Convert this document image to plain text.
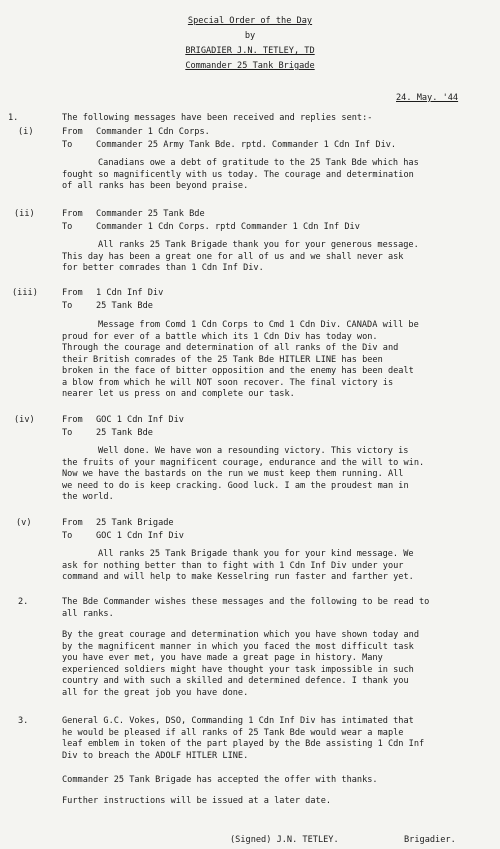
Special Order of the Day
by
BRIGADIER J.N. TETLEY, TD
Commander 25 Tank Brigade
24. May. '44
1.	The following messages have been received and replies sent:-
(i)	From Commander 1 Cdn Corps.
To	Commander 25 Army Tank Bde. rptd. Commander 1 Cdn Inf Div.
Canadians owe a debt of gratitude to the 25 Tank Bde which has
fought so magnificently with us today. The courage and determination
of all ranks has been beyond praise.
(ii)	From Commander 25 Tank Bde
To	Commander 1 Cdn Corps. rptd Commander 1 Cdn Inf Div
All ranks 25 Tank Brigade thank you for your generous message.
This day has been a great one for all of us and we shall never ask
for better comrades than 1 Cdn Inf Div.
(iii)	From 1 Cdn Inf Div
To	25 Tank Bde
Message from Comd 1 Cdn Corps to Cmd 1 Cdn Div. CANADA will be
proud for ever of a battle which its 1 Cdn Div has today won.
Through the courage and determination of all ranks of the Div and
their British comrades of the 25 Tank Bde HITLER LINE has been
broken in the face of bitter opposition and the enemy has been dealt
a blow from which he will NOT soon recover. The final victory is
nearer let us press on and complete our task.
(iv)	From GOC 1 Cdn Inf Div
To	25 Tank Bde
Well done. We have won a resounding victory. This victory is
the fruits of your magnificent courage, endurance and the will to win.
Now we have the bastards on the run we must keep them running. All
we need to do is keep cracking. Good luck. I am the proudest man in
the world.
(v)	From 25 Tank Brigade
To	GOC 1 Cdn Inf Div
All ranks 25 Tank Brigade thank you for your kind message. We
ask for nothing better than to fight with 1 Cdn Inf Div under your
command and will help to make Kesselring run faster and farther yet.
2.	The Bde Commander wishes these messages and the following to be read to
all ranks.
By the great courage and determination which you have shown today and
by the magnificent manner in which you faced the most difficult task
you have ever met, you have made a great page in history. Many
experienced soldiers might have thought your task impossible in such
country and with such a skilled and determined defence. I thank you
all for the great job you have done.
3.	General G.C. Vokes, DSO, Commanding 1 Cdn Inf Div has intimated that
he would be pleased if all ranks of 25 Tank Bde would wear a maple
leaf emblem in token of the part played by the Bde assisting 1 Cdn Inf
Div to breach the ADOLF HITLER LINE.
Commander 25 Tank Brigade has accepted the offer with thanks.
Further instructions will be issued at a later date.
(Signed) J.N. TETLEY.	Brigadier.
